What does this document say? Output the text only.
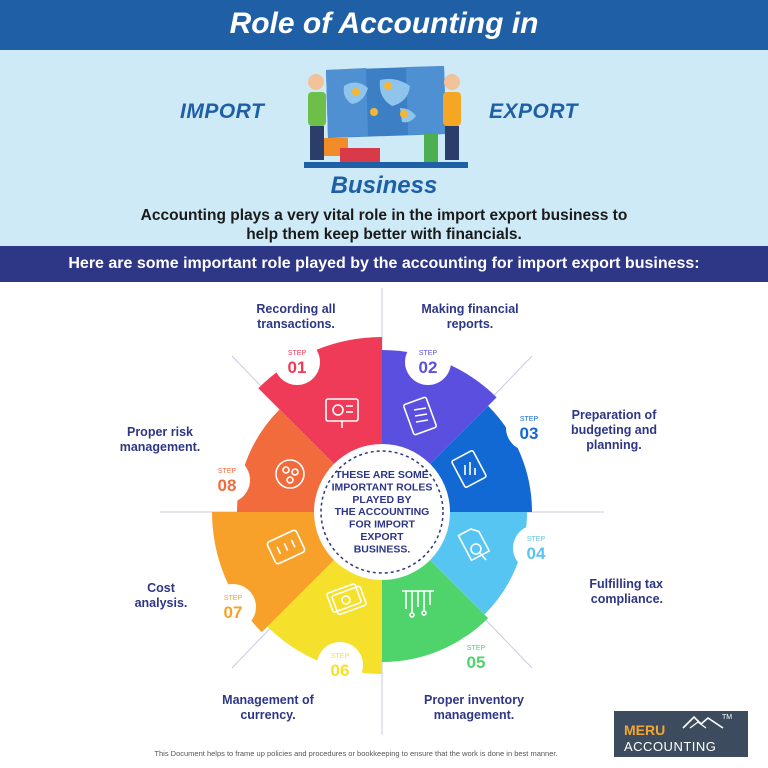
Role of Accounting in
IMPORT	EXPORT
Business
Accounting plays a very vital role in the import export business to help them keep better with financials.
Here are some important role played by the accounting for import export business:
THESE ARE SOME
IMPORTANT ROLES
PLAYED BY
THE ACCOUNTING
FOR IMPORT
EXPORT
BUSINESS.
STEP
01
STEP
02
STEP
03
STEP
04
STEP
05
STEP
06
STEP
07
STEP
08
Recording all transactions.
Making financial reports.
Preparation of budgeting and planning.
Fulfilling tax compliance.
Proper inventory management.
Management of currency.
Cost analysis.
Proper risk management.
This Document helps to frame up policies and procedures or bookkeeping to ensure that the work is done in best manner.
MERU
ACCOUNTING
TM
